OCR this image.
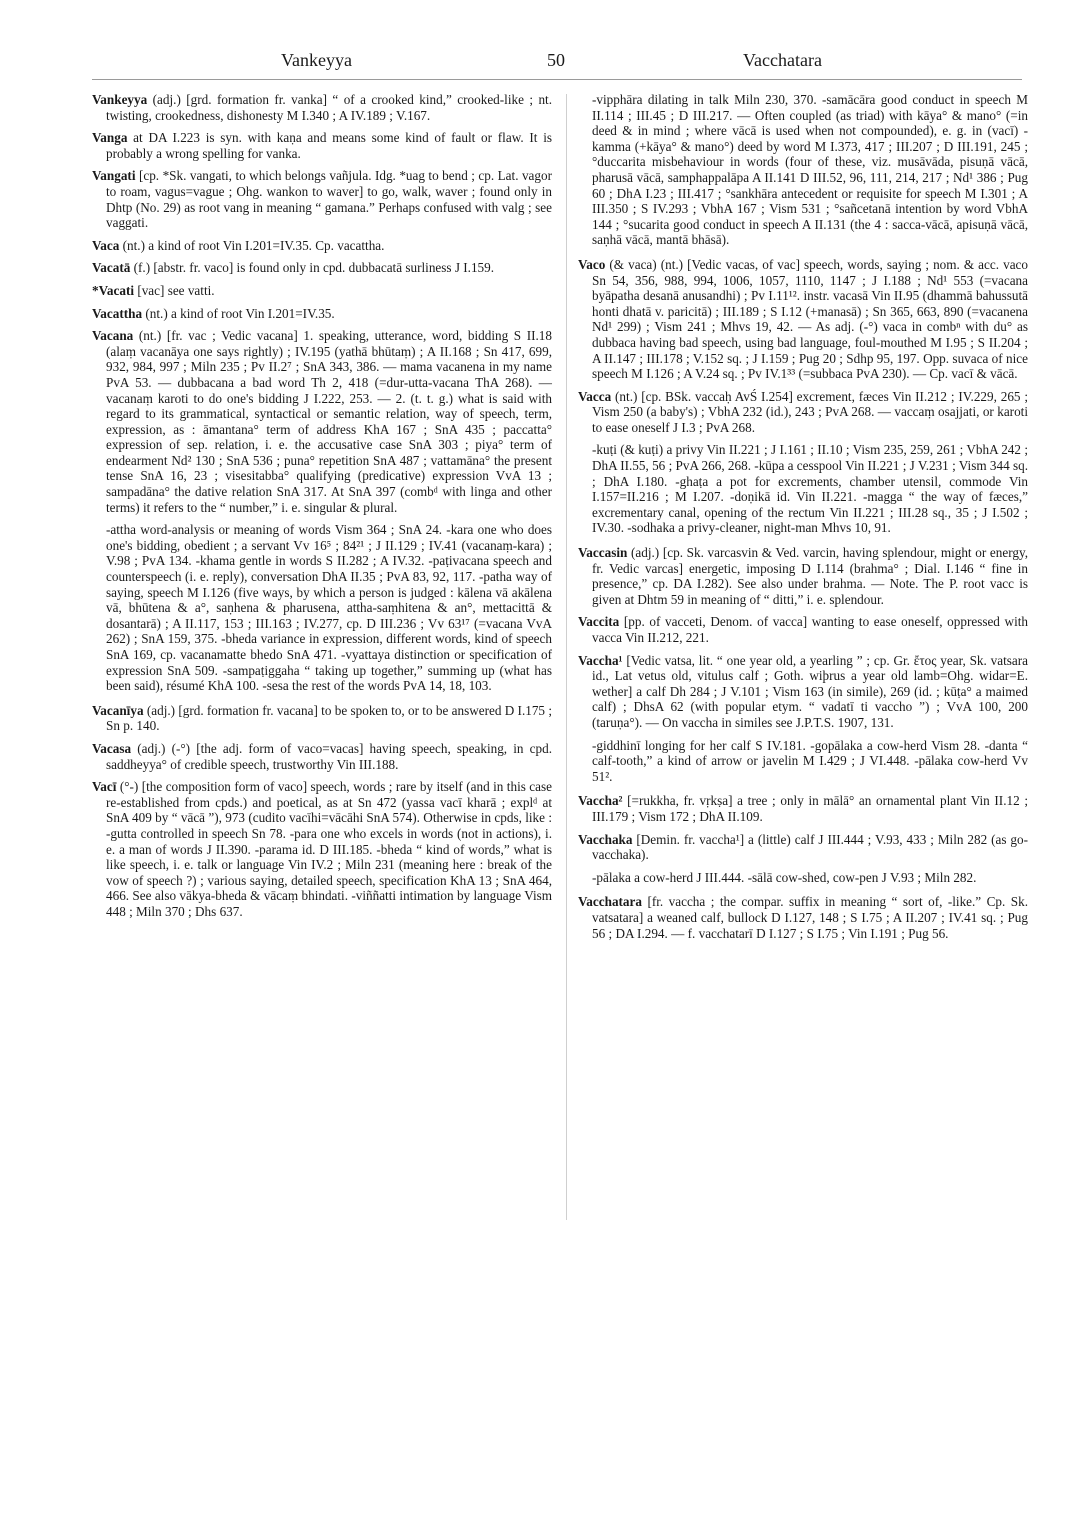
Vankeyya	50	Vacchatara

Vankeyya (adj.) [grd. formation fr. vanka] “ of a crooked kind,” crooked-like ; nt. twisting, crookedness, dishonesty M I.340 ; A IV.189 ; V.167.

Vanga at DA I.223 is syn. with kaṇa and means some kind of fault or flaw. It is probably a wrong spelling for vanka.

Vangati [cp. *Sk. vangati, to which belongs vañjula. Idg. *uag to bend ; cp. Lat. vagor to roam, vagus=vague ; Ohg. wankon to waver] to go, walk, waver ; found only in Dhtp (No. 29) as root vang in meaning “ gamana.” Perhaps confused with valg ; see vaggati.

Vaca (nt.) a kind of root Vin I.201=IV.35. Cp. vacattha.

Vacatā (f.) [abstr. fr. vaco] is found only in cpd. dubbacatā surliness J I.159.

*Vacati [vac] see vatti.

Vacattha (nt.) a kind of root Vin I.201=IV.35.

Vacana (nt.) [fr. vac ; Vedic vacana] 1. speaking, utterance, word, bidding S II.18 (alaṃ vacanāya one says rightly) ; IV.195 (yathā bhūtaṃ) ; A II.168 ; Sn 417, 699, 932, 984, 997 ; Miln 235 ; Pv II.2⁷ ; SnA 343, 386. — mama vacanena in my name PvA 53. — dubbacana a bad word Th 2, 418 (=dur-utta-vacana ThA 268). — vacanaṃ karoti to do one's bidding J I.222, 253. — 2. (t. t. g.) what is said with regard to its grammatical, syntactical or semantic relation, way of speech, term, expression, as : āmantana° term of address KhA 167 ; SnA 435 ; paccatta° expression of sep. relation, i. e. the accusative case SnA 303 ; piya° term of endearment Nd² 130 ; SnA 536 ; puna° repetition SnA 487 ; vattamāna° the present tense SnA 16, 23 ; visesitabba° qualifying (predicative) expression VvA 13 ; sampadāna° the dative relation SnA 317. At SnA 397 (combᵈ with linga and other terms) it refers to the “ number,” i. e. singular & plural.

-attha word-analysis or meaning of words Vism 364 ; SnA 24. -kara one who does one's bidding, obedient ; a servant Vv 16⁵ ; 84²¹ ; J II.129 ; IV.41 (vacanaṃ-kara) ; V.98 ; PvA 134. -khama gentle in words S II.282 ; A IV.32. -paṭivacana speech and counterspeech (i. e. reply), conversation DhA II.35 ; PvA 83, 92, 117. -patha way of saying, speech M I.126 (five ways, by which a person is judged : kālena vā akālena vā, bhūtena & a°, saṇhena & pharusena, attha-saṃhitena & an°, mettacittā & dosantarā) ; A II.117, 153 ; III.163 ; IV.277, cp. D III.236 ; Vv 63¹⁷ (=vacana VvA 262) ; SnA 159, 375. -bheda variance in expression, different words, kind of speech SnA 169, cp. vacanamatte bhedo SnA 471. -vyattaya distinction or specification of expression SnA 509. -sampaṭiggaha “ taking up together,” summing up (what has been said), résumé KhA 100. -sesa the rest of the words PvA 14, 18, 103.

Vacanīya (adj.) [grd. formation fr. vacana] to be spoken to, or to be answered D I.175 ; Sn p. 140.

Vacasa (adj.) (-°) [the adj. form of vaco=vacas] having speech, speaking, in cpd. saddheyya° of credible speech, trustworthy Vin III.188.

Vacī (°-) [the composition form of vaco] speech, words ; rare by itself (and in this case re-established from cpds.) and poetical, as at Sn 472 (yassa vacī kharā ; explᵈ at SnA 409 by “ vācā ”), 973 (cudito vacīhi=vācāhi SnA 574). Otherwise in cpds, like : -gutta controlled in speech Sn 78. -para one who excels in words (not in actions), i. e. a man of words J II.390. -parama id. D III.185. -bheda “ kind of words,” what is like speech, i. e. talk or language Vin IV.2 ; Miln 231 (meaning here : break of the vow of speech ?) ; various saying, detailed speech, specification KhA 13 ; SnA 464, 466. See also vākya-bheda & vācaṃ bhindati. -viññatti intimation by language Vism 448 ; Miln 370 ; Dhs 637.

-vipphāra dilating in talk Miln 230, 370. -samācāra good conduct in speech M II.114 ; III.45 ; D III.217. — Often coupled (as triad) with kāya° & mano° (=in deed & in mind ; where vācā is used when not compounded), e. g. in (vacī) -kamma (+kāya° & mano°) deed by word M I.373, 417 ; III.207 ; D III.191, 245 ; °duccarita misbehaviour in words (four of these, viz. musāvāda, pisuṇā vācā, pharusā vācā, samphappalāpa A II.141 D III.52, 96, 111, 214, 217 ; Nd¹ 386 ; Pug 60 ; DhA I.23 ; III.417 ; °sankhāra antecedent or requisite for speech M I.301 ; A III.350 ; S IV.293 ; VbhA 167 ; Vism 531 ; °sañcetanā intention by word VbhA 144 ; °sucarita good conduct in speech A II.131 (the 4 : sacca-vācā, apisuṇā vācā, saṇhā vācā, mantā bhāsā).

Vaco (& vaca) (nt.) [Vedic vacas, of vac] speech, words, saying ; nom. & acc. vaco Sn 54, 356, 988, 994, 1006, 1057, 1110, 1147 ; J I.188 ; Nd¹ 553 (=vacana byāpatha desanā anusandhi) ; Pv I.11¹². instr. vacasā Vin II.95 (dhammā bahussutā honti dhatā v. paricitā) ; III.189 ; S I.12 (+manasā) ; Sn 365, 663, 890 (=vacanena Nd¹ 299) ; Vism 241 ; Mhvs 19, 42. — As adj. (-°) vaca in combⁿ with du° as dubbaca having bad speech, using bad language, foul-mouthed M I.95 ; S II.204 ; A II.147 ; III.178 ; V.152 sq. ; J I.159 ; Pug 20 ; Sdhp 95, 197. Opp. suvaca of nice speech M I.126 ; A V.24 sq. ; Pv IV.1³³ (=subbaca PvA 230). — Cp. vacī & vācā.

Vacca (nt.) [cp. BSk. vaccaḥ AvŚ I.254] excrement, fæces Vin II.212 ; IV.229, 265 ; Vism 250 (a baby's) ; VbhA 232 (id.), 243 ; PvA 268. — vaccaṃ osajjati, or karoti to ease oneself J I.3 ; PvA 268.

-kuṭi (& kuṭi) a privy Vin II.221 ; J I.161 ; II.10 ; Vism 235, 259, 261 ; VbhA 242 ; DhA II.55, 56 ; PvA 266, 268. -kūpa a cesspool Vin II.221 ; J V.231 ; Vism 344 sq. ; DhA I.180. -ghaṭa a pot for excrements, chamber utensil, commode Vin I.157=II.216 ; M I.207. -doṇikā id. Vin II.221. -magga “ the way of fæces,” excrementary canal, opening of the rectum Vin II.221 ; III.28 sq., 35 ; J I.502 ; IV.30. -sodhaka a privy-cleaner, night-man Mhvs 10, 91.

Vaccasin (adj.) [cp. Sk. varcasvin & Ved. varcin, having splendour, might or energy, fr. Vedic varcas] energetic, imposing D I.114 (brahma° ; Dial. I.146 “ fine in presence,” cp. DA I.282). See also under brahma. — Note. The P. root vacc is given at Dhtm 59 in meaning of “ ditti,” i. e. splendour.

Vaccita [pp. of vacceti, Denom. of vacca] wanting to ease oneself, oppressed with vacca Vin II.212, 221.

Vaccha¹ [Vedic vatsa, lit. “ one year old, a yearling ” ; cp. Gr. ἔτος year, Sk. vatsara id., Lat vetus old, vitulus calf ; Goth. wiþrus a year old lamb=Ohg. widar=E. wether] a calf Dh 284 ; J V.101 ; Vism 163 (in simile), 269 (id. ; kūṭa° a maimed calf) ; DhsA 62 (with popular etym. “ vadatī ti vaccho ”) ; VvA 100, 200 (taruṇa°). — On vaccha in similes see J.P.T.S. 1907, 131.

-giddhinī longing for her calf S IV.181. -gopālaka a cow-herd Vism 28. -danta “ calf-tooth,” a kind of arrow or javelin M I.429 ; J VI.448. -pālaka cow-herd Vv 51².

Vaccha² [=rukkha, fr. vṛkṣa] a tree ; only in mālā° an ornamental plant Vin II.12 ; III.179 ; Vism 172 ; DhA II.109.

Vacchaka [Demin. fr. vaccha¹] a (little) calf J III.444 ; V.93, 433 ; Miln 282 (as go-vacchaka).

-pālaka a cow-herd J III.444. -sālā cow-shed, cow-pen J V.93 ; Miln 282.

Vacchatara [fr. vaccha ; the compar. suffix in meaning “ sort of, -like.” Cp. Sk. vatsatara] a weaned calf, bullock D I.127, 148 ; S I.75 ; A II.207 ; IV.41 sq. ; Pug 56 ; DA I.294. — f. vacchatarī D I.127 ; S I.75 ; Vin I.191 ; Pug 56.
